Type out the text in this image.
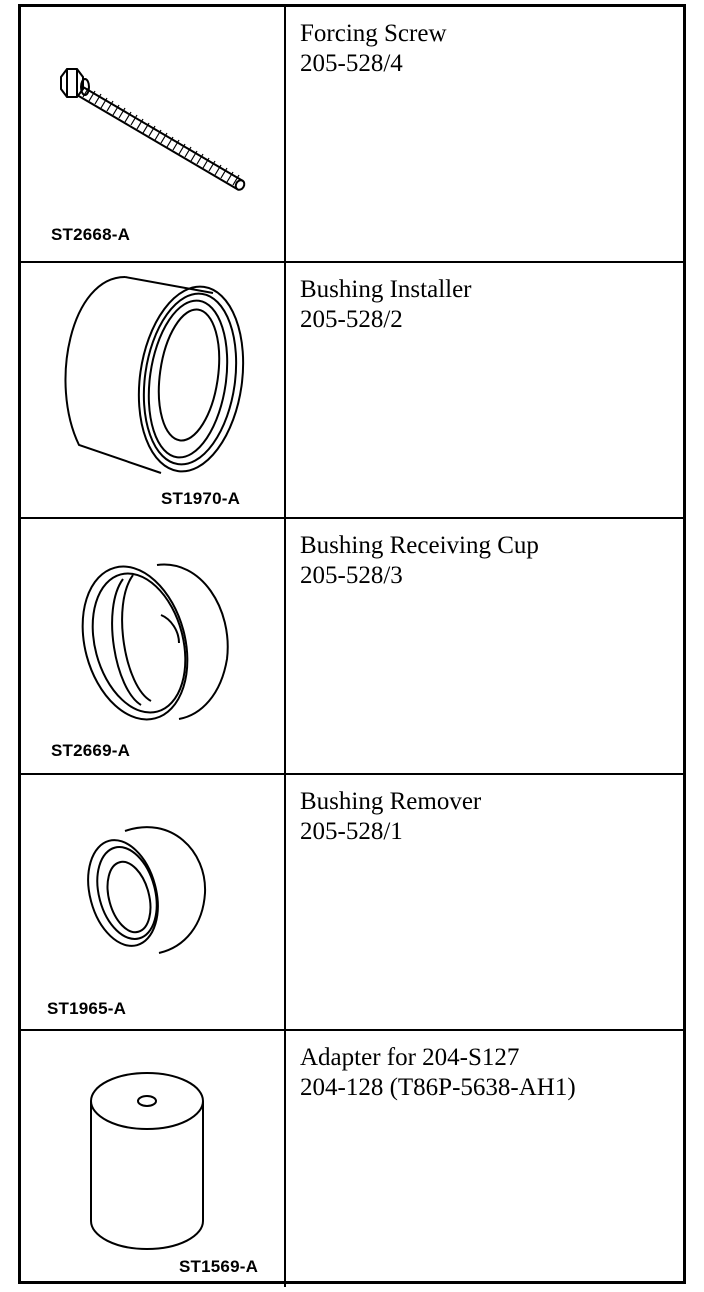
ST2668-A
Forcing Screw
205-528/4
ST1970-A
Bushing Installer
205-528/2
ST2669-A
Bushing Receiving Cup
205-528/3
ST1965-A
Bushing Remover
205-528/1
ST1569-A
Adapter for 204-S127
204-128 (T86P-5638-AH1)
